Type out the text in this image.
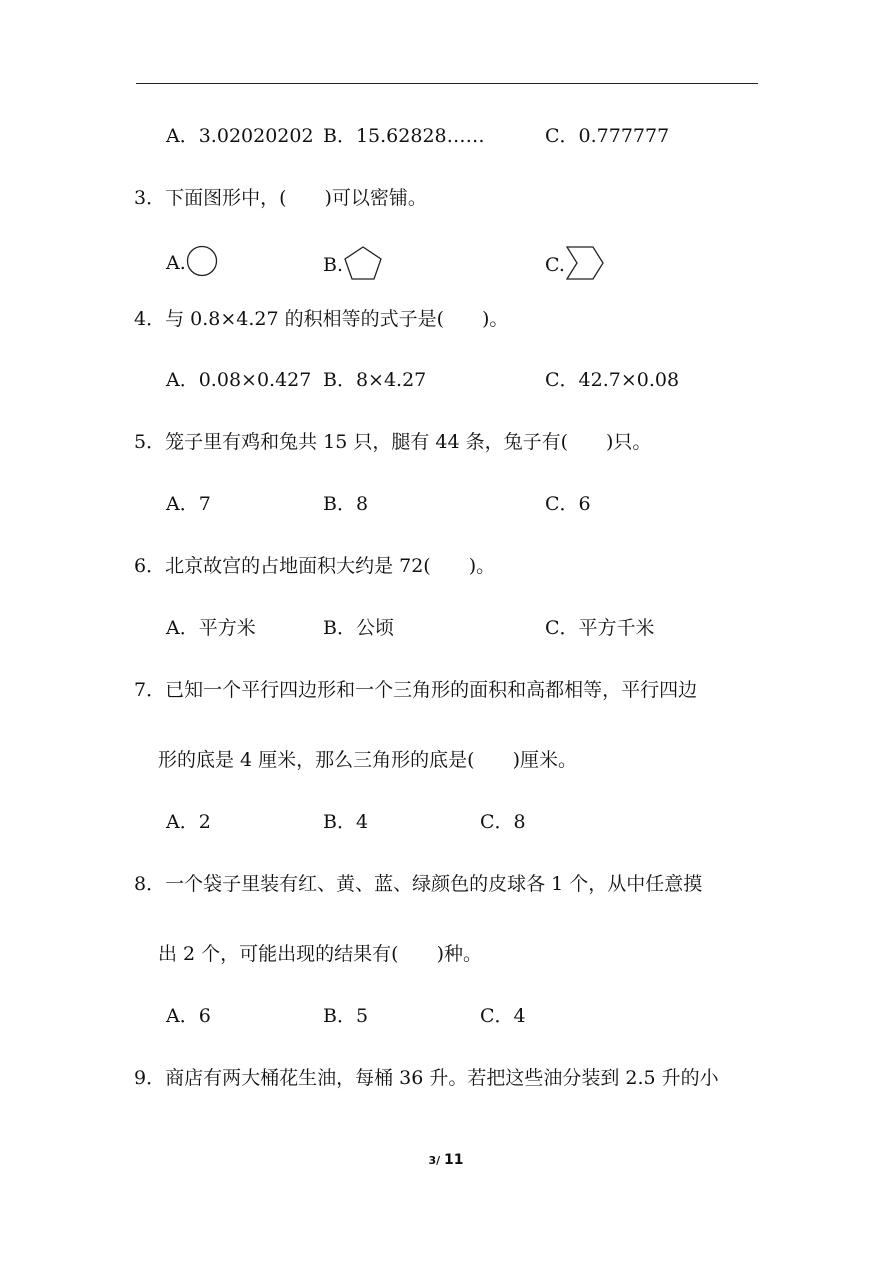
A．3.02020202 B．15.62828……	C．0.777777
3．下面图形中，(　　)可以密铺。
A.	B.	C.
4．与 0.8×4.27 的积相等的式子是(　　)。
A．0.08×0.427 B．8×4.27	C．42.7×0.08
5．笼子里有鸡和兔共 15 只，腿有 44 条，兔子有(　　)只。
A．7	B．8	C．6
6．北京故宫的占地面积大约是 72(　　)。
A．平方米	B．公顷	C．平方千米
7．已知一个平行四边形和一个三角形的面积和高都相等，平行四边
形的底是 4 厘米，那么三角形的底是(　　)厘米。
A．2	B．4	C．8
8．一个袋子里装有红、黄、蓝、绿颜色的皮球各 1 个，从中任意摸
出 2 个，可能出现的结果有(　　)种。
A．6	B．5	C．4
9．商店有两大桶花生油，每桶 36 升。若把这些油分装到 2.5 升的小
3/ 11
